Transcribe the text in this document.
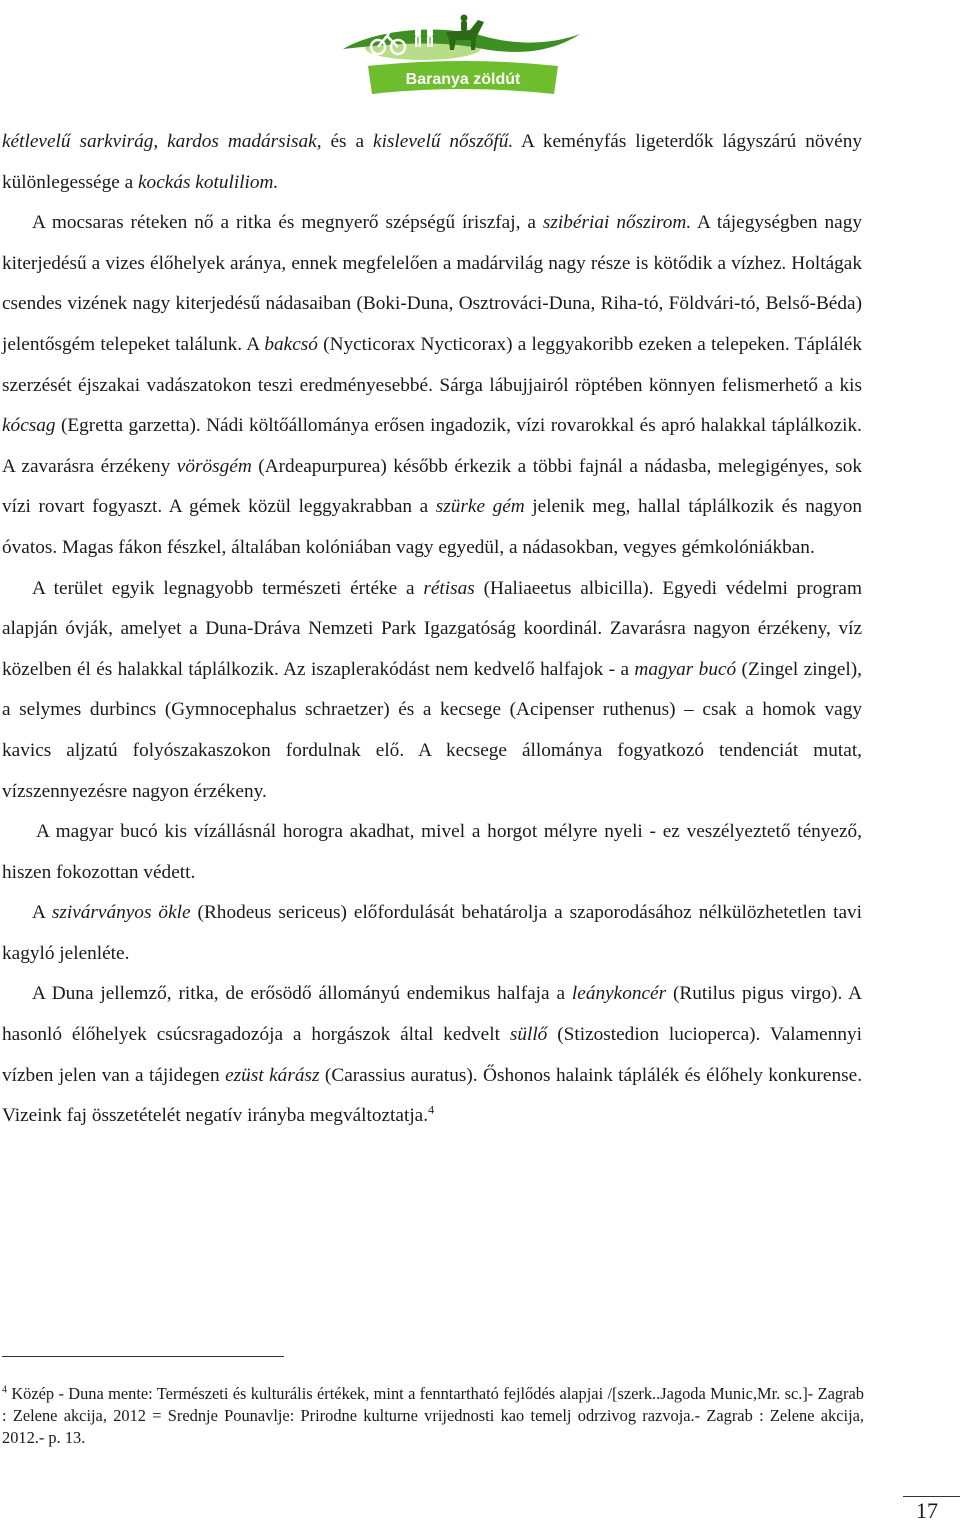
Baranya zöldút

kétlevelű sarkvirág, kardos madársisak, és a kislevelű nőszőfű. A keményfás ligeterdők lágyszárú növény különlegessége a kockás kotuliliom.

A mocsaras réteken nő a ritka és megnyerő szépségű íriszfaj, a szibériai nőszirom. A tájegységben nagy kiterjedésű a vizes élőhelyek aránya, ennek megfelelően a madárvilág nagy része is kötődik a vízhez. Holtágak csendes vizének nagy kiterjedésű nádasaiban (Boki-Duna, Osztrováci-Duna, Riha-tó, Földvári-tó, Belső-Béda) jelentősgém telepeket találunk. A bakcsó (Nycticorax Nycticorax) a leggyakoribb ezeken a telepeken. Táplálék szerzését éjszakai vadászatokon teszi eredményesebbé. Sárga lábujjairól röptében könnyen felismerhető a kis kócsag (Egretta garzetta). Nádi költőállománya erősen ingadozik, vízi rovarokkal és apró halakkal táplálkozik. A zavarásra érzékeny vörösgém (Ardeapurpurea) később érkezik a többi fajnál a nádasba, melegigényes, sok vízi rovart fogyaszt. A gémek közül leggyakrabban a szürke gém jelenik meg, hallal táplálkozik és nagyon óvatos. Magas fákon fészkel, általában kolóniában vagy egyedül, a nádasokban, vegyes gémkolóniákban.

A terület egyik legnagyobb természeti értéke a rétisas (Haliaeetus albicilla). Egyedi védelmi program alapján óvják, amelyet a Duna-Dráva Nemzeti Park Igazgatóság koordinál. Zavarásra nagyon érzékeny, víz közelben él és halakkal táplálkozik. Az iszaplerakódást nem kedvelő halfajok - a magyar bucó (Zingel zingel), a selymes durbincs (Gymnocephalus schraetzer) és a kecsege (Acipenser ruthenus) – csak a homok vagy kavics aljzatú folyószakaszokon fordulnak elő. A kecsege állománya fogyatkozó tendenciát mutat, vízszennyezésre nagyon érzékeny.

A magyar bucó kis vízállásnál horogra akadhat, mivel a horgot mélyre nyeli - ez veszélyeztető tényező, hiszen fokozottan védett.

A szivárványos ökle (Rhodeus sericeus) előfordulását behatárolja a szaporodásához nélkülözhetetlen tavi kagyló jelenléte.

A Duna jellemző, ritka, de erősödő állományú endemikus halfaja a leánykoncér (Rutilus pigus virgo). A hasonló élőhelyek csúcsragadozója a horgászok által kedvelt süllő (Stizostedion lucioperca). Valamennyi vízben jelen van a tájidegen ezüst kárász (Carassius auratus). Őshonos halaink táplálék és élőhely konkurense. Vizeink faj összetételét negatív irányba megváltoztatja.$^4$

$^4$ Közép - Duna mente: Természeti és kulturális értékek, mint a fenntartható fejlődés alapjai /[szerk..Jagoda Munic,Mr. sc.]- Zagrab : Zelene akcija, 2012 = Srednje Pounavlje: Prirodne kulturne vrijednosti kao temelj odrzivog razvoja.- Zagrab : Zelene akcija, 2012.- p. 13.
17
